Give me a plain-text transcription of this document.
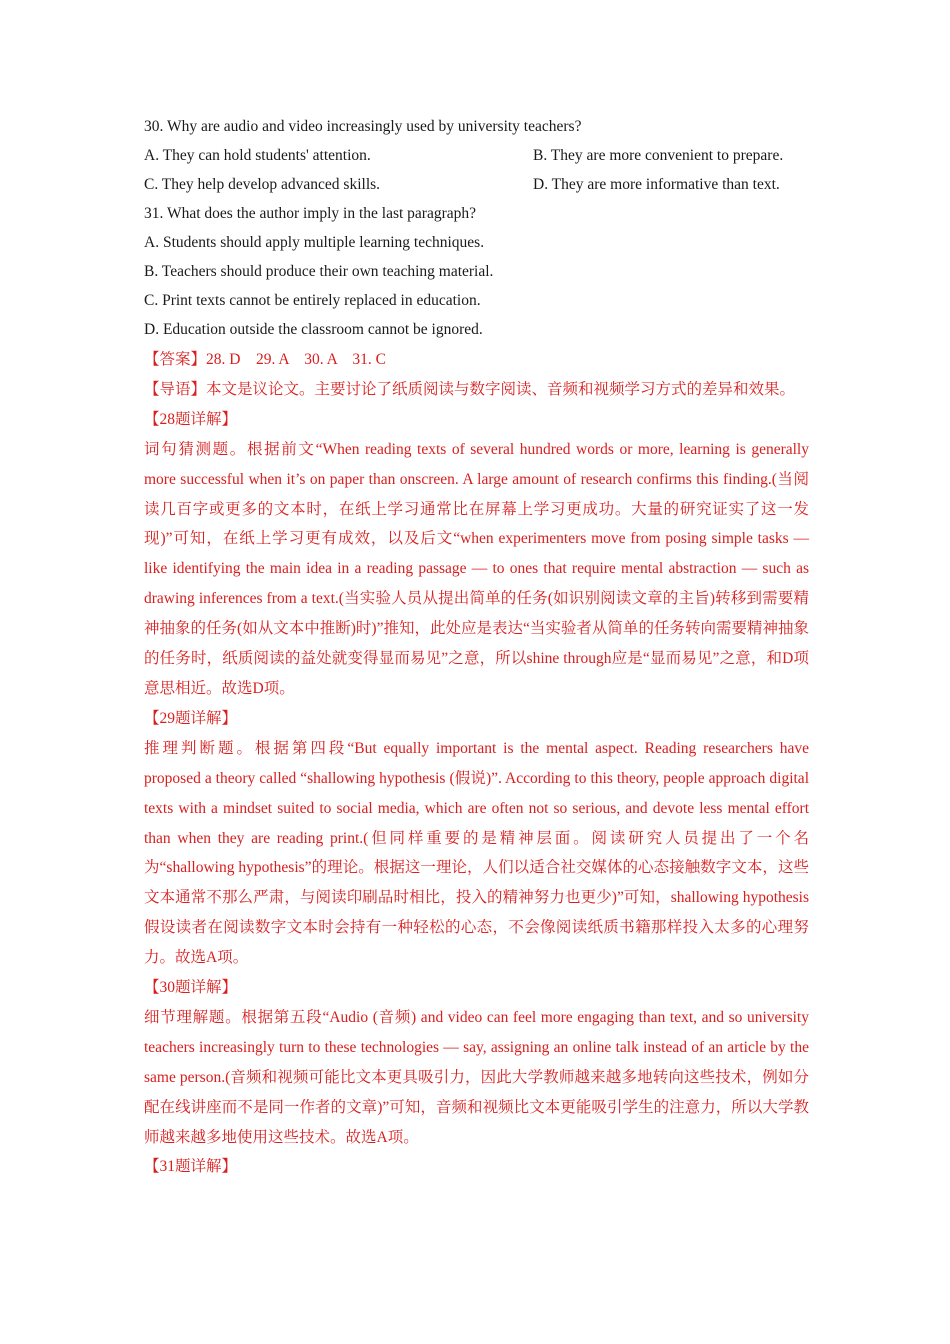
30. Why are audio and video increasingly used by university teachers?
A. They can hold students' attention.	B. They are more convenient to prepare.
C. They help develop advanced skills.	D. They are more informative than text.
31. What does the author imply in the last paragraph?
A. Students should apply multiple learning techniques.
B. Teachers should produce their own teaching material.
C. Print texts cannot be entirely replaced in education.
D. Education outside the classroom cannot be ignored.
【答案】28. D    29. A    30. A    31. C
【导语】本文是议论文。主要讨论了纸质阅读与数字阅读、音频和视频学习方式的差异和效果。
【28题详解】
词句猜测题。根据前文“When reading texts of several hundred words or more, learning is generally more successful when it’s on paper than onscreen. A large amount of research confirms this finding.(当阅读几百字或更多的文本时，在纸上学习通常比在屏幕上学习更成功。大量的研究证实了这一发现)”可知，在纸上学习更有成效，以及后文“when experimenters move from posing simple tasks — like identifying the main idea in a reading passage — to ones that require mental abstraction — such as drawing inferences from a text.(当实验人员从提出简单的任务(如识别阅读文章的主旨)转移到需要精神抽象的任务(如从文本中推断)时)”推知，此处应是表达“当实验者从简单的任务转向需要精神抽象的任务时，纸质阅读的益处就变得显而易见”之意，所以shine through应是“显而易见”之意，和D项意思相近。故选D项。
【29题详解】
推理判断题。根据第四段“But equally important is the mental aspect. Reading researchers have proposed a theory called “shallowing hypothesis (假说)”. According to this theory, people approach digital texts with a mindset suited to social media, which are often not so serious, and devote less mental effort than when they are reading print.(但同样重要的是精神层面。阅读研究人员提出了一个名为“shallowing hypothesis”的理论。根据这一理论，人们以适合社交媒体的心态接触数字文本，这些文本通常不那么严肃，与阅读印刷品时相比，投入的精神努力也更少)”可知，shallowing hypothesis假设读者在阅读数字文本时会持有一种轻松的心态，不会像阅读纸质书籍那样投入太多的心理努力。故选A项。
【30题详解】
细节理解题。根据第五段“Audio (音频) and video can feel more engaging than text, and so university teachers increasingly turn to these technologies — say, assigning an online talk instead of an article by the same person.(音频和视频可能比文本更具吸引力，因此大学教师越来越多地转向这些技术，例如分配在线讲座而不是同一作者的文章)”可知，音频和视频比文本更能吸引学生的注意力，所以大学教师越来越多地使用这些技术。故选A项。
【31题详解】
